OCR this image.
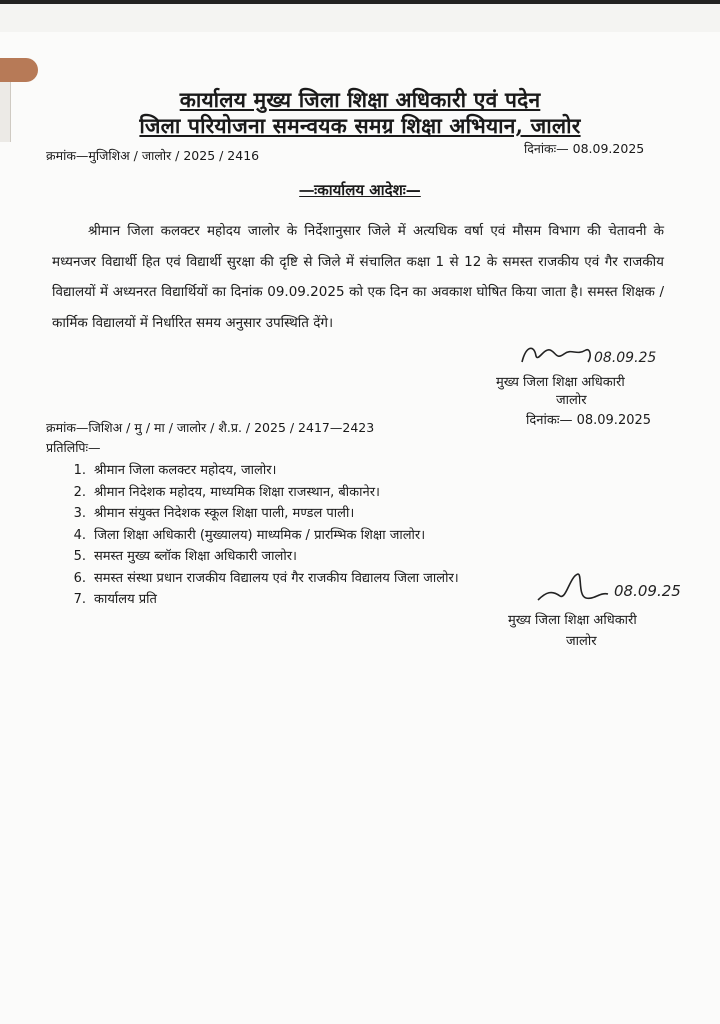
कार्यालय मुख्य जिला शिक्षा अधिकारी एवं पदेन
जिला परियोजना समन्वयक समग्र शिक्षा अभियान, जालोर
क्रमांक—मुजिशिअ / जालोर / 2025 / 2416	दिनांकः— 08.09.2025
—ःकार्यालय आदेशः—
श्रीमान जिला कलक्टर महोदय जालोर के निर्देशानुसार जिले में अत्यधिक वर्षा एवं मौसम विभाग की चेतावनी के मध्यनजर विद्यार्थी हित एवं विद्यार्थी सुरक्षा की दृष्टि से जिले में संचालित कक्षा 1 से 12 के समस्त राजकीय एवं गैर राजकीय विद्यालयों में अध्यनरत विद्यार्थियों का दिनांक 09.09.2025 को एक दिन का अवकाश घोषित किया जाता है। समस्त शिक्षक / कार्मिक विद्यालयों में निर्धारित समय अनुसार उपस्थिति देंगे।
08.09.25
मुख्य जिला शिक्षा अधिकारी
जालोर
दिनांकः— 08.09.2025
क्रमांक—जिशिअ / मु / मा / जालोर / शै.प्र. / 2025 / 2417—2423
प्रतिलिपिः—
1. श्रीमान जिला कलक्टर महोदय, जालोर।
2. श्रीमान निदेशक महोदय, माध्यमिक शिक्षा राजस्थान, बीकानेर।
3. श्रीमान संयुक्त निदेशक स्कूल शिक्षा पाली, मण्डल पाली।
4. जिला शिक्षा अधिकारी (मुख्यालय) माध्यमिक / प्रारम्भिक शिक्षा जालोर।
5. समस्त मुख्य ब्लॉक शिक्षा अधिकारी जालोर।
6. समस्त संस्था प्रधान राजकीय विद्यालय एवं गैर राजकीय विद्यालय जिला जालोर।
7. कार्यालय प्रति	08.09.25
मुख्य जिला शिक्षा अधिकारी
जालोर
